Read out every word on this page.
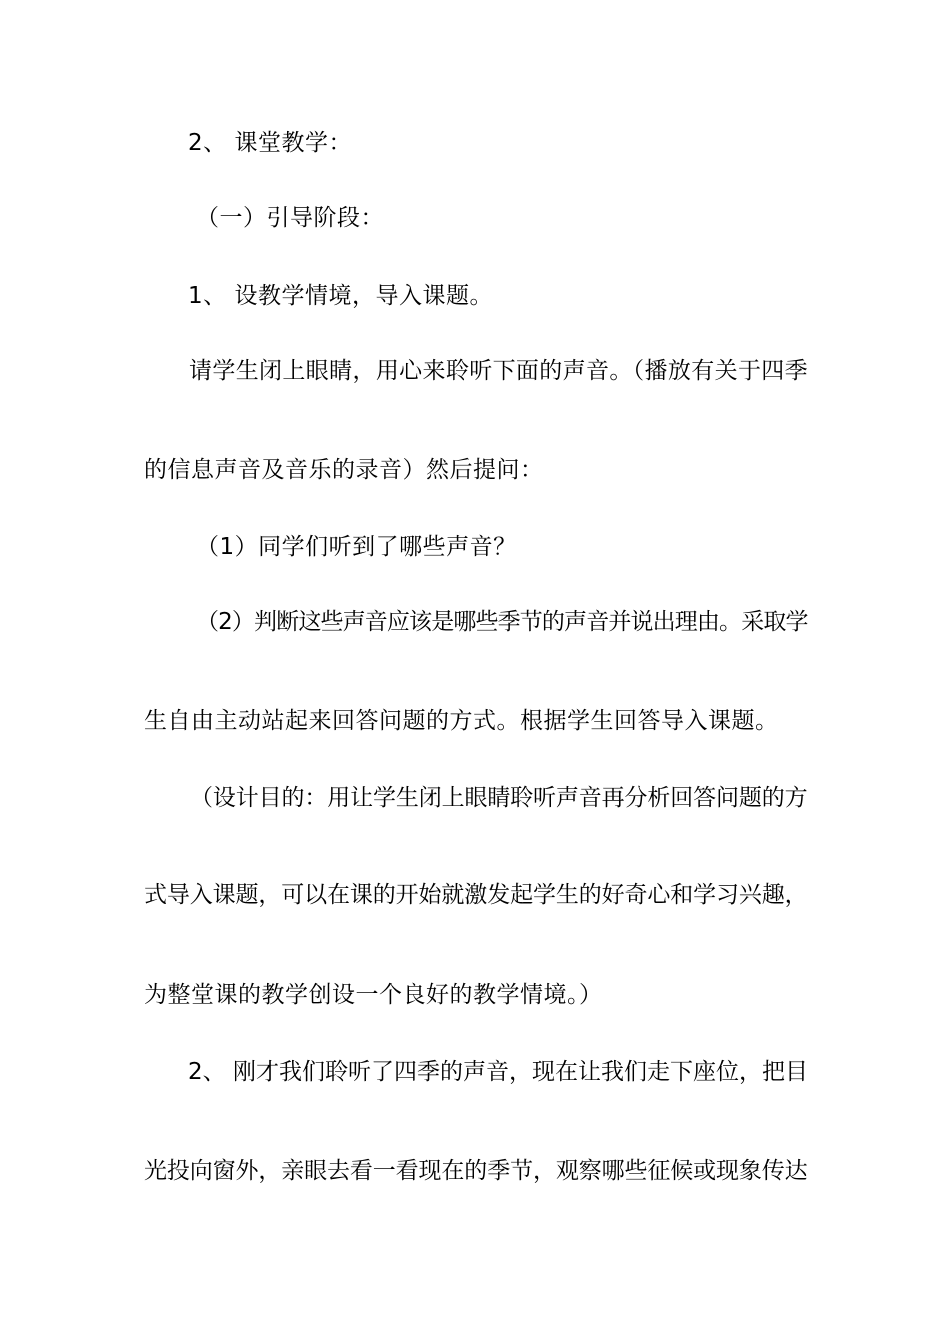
2、 课堂教学：
（一）引导阶段：
1、 设教学情境，导入课题。
请学生闭上眼睛，用心来聆听下面的声音。（播放有关于四季
的信息声音及音乐的录音）然后提问：
（1）同学们听到了哪些声音？
（2）判断这些声音应该是哪些季节的声音并说出理由。采取学
生自由主动站起来回答问题的方式。根据学生回答导入课题。
（设计目的：用让学生闭上眼睛聆听声音再分析回答问题的方
式导入课题，可以在课的开始就激发起学生的好奇心和学习兴趣，
为整堂课的教学创设一个良好的教学情境。）
2、 刚才我们聆听了四季的声音，现在让我们走下座位，把目
光投向窗外，亲眼去看一看现在的季节，观察哪些征候或现象传达
